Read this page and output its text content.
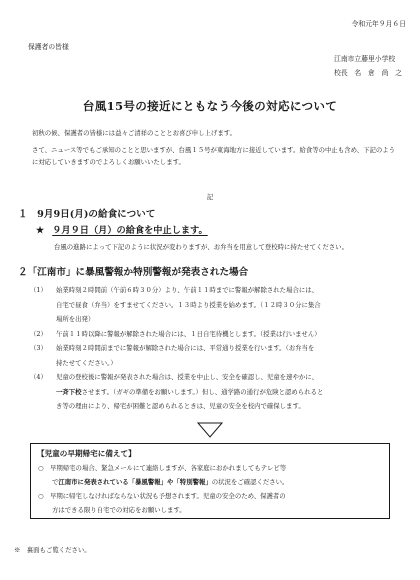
令和元年９月６日
保護者の皆様
江南市立藤里小学校
校長　名　倉　尚　之
台風15号の接近にともなう今後の対応について
初秋の候、保護者の皆様には益々ご清祥のこととお喜び申し上げます。
さて、ニュース等でもご承知のことと思いますが、台風１５号が東海地方に接近しています。給食等の中止も含め、下記のように対応していきますのでよろしくお願いいたします。
記
１　9月9日(月)の給食について
★ ９月９日（月）の給食を中止します。
台風の進路によって下記のように状況が変わりますが、お弁当を用意して登校時に持たせてください。
２「江南市」に暴風警報か特別警報が発表された場合
（1）	始業時刻２時間前（午前６時３０分）より、午前１１時までに警報が解除された場合には、
自宅で昼食（弁当）をすませてください。１３時より授業を始めます。（１２時３０分に集合
場所を出発）
（2）	午前１１時以降に警報が解除された場合には、１日自宅待機とします。（授業は行いません）
（3）	始業時刻２時間前までに警報が解除された場合には、平常通り授業を行います。（お弁当を
持たせてください。）
（4）	児童の登校後に警報が発表された場合は、授業を中止し、安全を確認し、児童を速やかに、
一斉下校させます。（ガギの準備をお願いします。）但し、通学路の通行が危険と認められると
き等の理由により、帰宅が困難と認められるときは、児童の安全を校内で確保します。
【児童の早期帰宅に備えて】
○ 早期帰宅の場合、緊急メールにて連絡しますが、各家庭におかれましてもテレビ等
で江南市に発表されている「暴風警報」や「特別警報」の状況をご確認ください。
○ 早期に帰宅しなければならない状況も予想されます。児童の安全のため、保護者の
方はできる限り自宅での対応をお願いします。
※　裏面もご覧ください。
